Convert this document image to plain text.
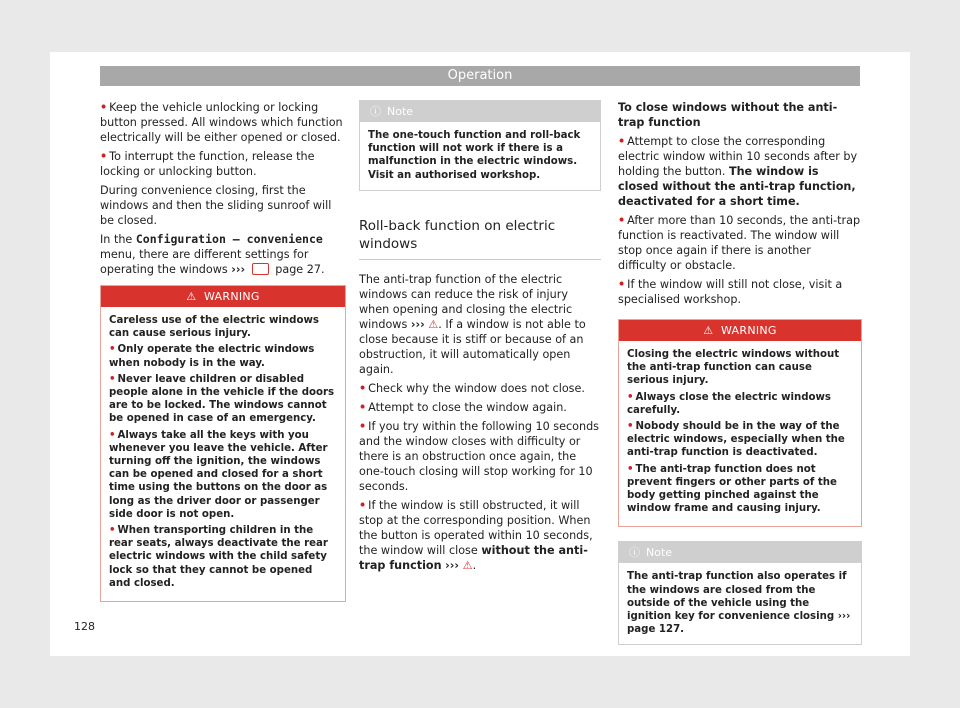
Operation

• Keep the vehicle unlocking or locking button pressed. All windows which function electrically will be either opened or closed.

• To interrupt the function, release the locking or unlocking button.

During convenience closing, first the windows and then the sliding sunroof will be closed.

In the Configuration – convenience menu, there are different settings for operating the windows ›››  page 27.

⚠ WARNING

Careless use of the electric windows can cause serious injury.

• Only operate the electric windows when nobody is in the way.

• Never leave children or disabled people alone in the vehicle if the doors are to be locked. The windows cannot be opened in case of an emergency.

• Always take all the keys with you whenever you leave the vehicle. After turning off the ignition, the windows can be opened and closed for a short time using the buttons on the door as long as the driver door or passenger side door is not open.

• When transporting children in the rear seats, always deactivate the rear electric windows with the child safety lock so that they cannot be opened and closed.

ⓘ Note
The one-touch function and roll-back function will not work if there is a malfunction in the electric windows. Visit an authorised workshop.
Roll-back function on electric windows

The anti-trap function of the electric windows can reduce the risk of injury when opening and closing the electric windows ››› ⚠. If a window is not able to close because it is stiff or because of an obstruction, it will automatically open again.

• Check why the window does not close.

• Attempt to close the window again.

• If you try within the following 10 seconds and the window closes with difficulty or there is an obstruction once again, the one-touch closing will stop working for 10 seconds.

• If the window is still obstructed, it will stop at the corresponding position. When the button is operated within 10 seconds, the window will close without the anti-trap function ››› ⚠.

To close windows without the anti-trap function

• Attempt to close the corresponding electric window within 10 seconds after by holding the button. The window is closed without the anti-trap function, deactivated for a short time.

• After more than 10 seconds, the anti-trap function is reactivated. The window will stop once again if there is another difficulty or obstacle.

• If the window will still not close, visit a specialised workshop.

⚠ WARNING

Closing the electric windows without the anti-trap function can cause serious injury.

• Always close the electric windows carefully.

• Nobody should be in the way of the electric windows, especially when the anti-trap function is deactivated.

• The anti-trap function does not prevent fingers or other parts of the body getting pinched against the window frame and causing injury.

ⓘ Note
The anti-trap function also operates if the windows are closed from the outside of the vehicle using the ignition key for convenience closing ››› page 127.
128
